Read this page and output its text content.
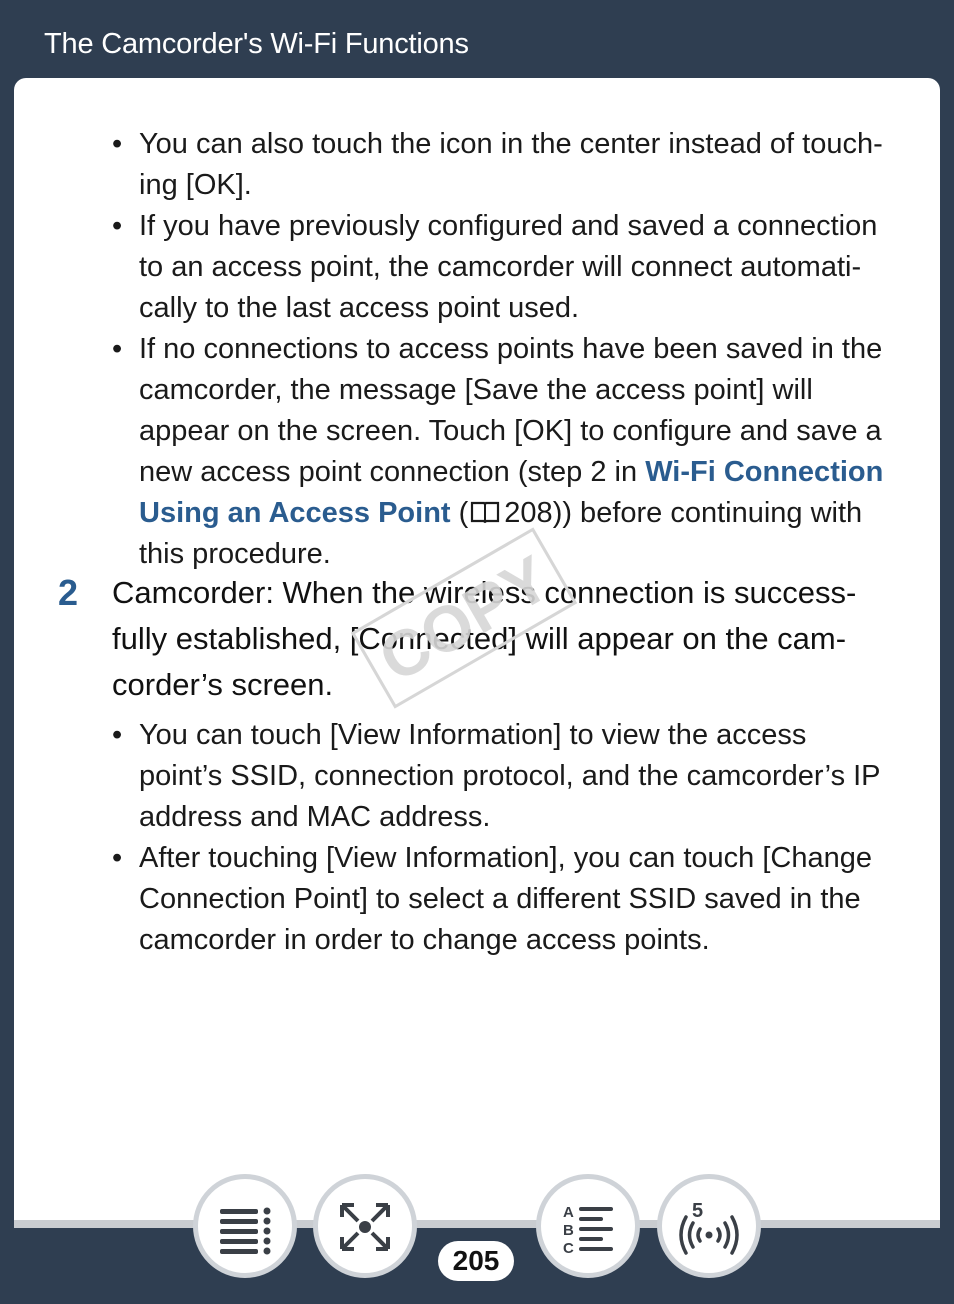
The Camcorder's Wi-Fi Functions
• You can also touch the icon in the center instead of touch-
ing [OK].
• If you have previously configured and saved a connection
to an access point, the camcorder will connect automati-
cally to the last access point used.
• If no connections to access points have been saved in the
camcorder, the message [Save the access point] will
appear on the screen. Touch [OK] to configure and save a
new access point connection (step 2 in Wi-Fi Connection
Using an Access Point ( 208)) before continuing with
this procedure.
2 Camcorder: When the wireless connection is success-
fully established, [Connected] will appear on the cam-
corder’s screen.
• You can touch [View Information] to view the access
point’s SSID, connection protocol, and the camcorder’s IP
address and MAC address.
• After touching [View Information], you can touch [Change
Connection Point] to select a different SSID saved in the
camcorder in order to change access points.
COPY
205
A
B
C
5
